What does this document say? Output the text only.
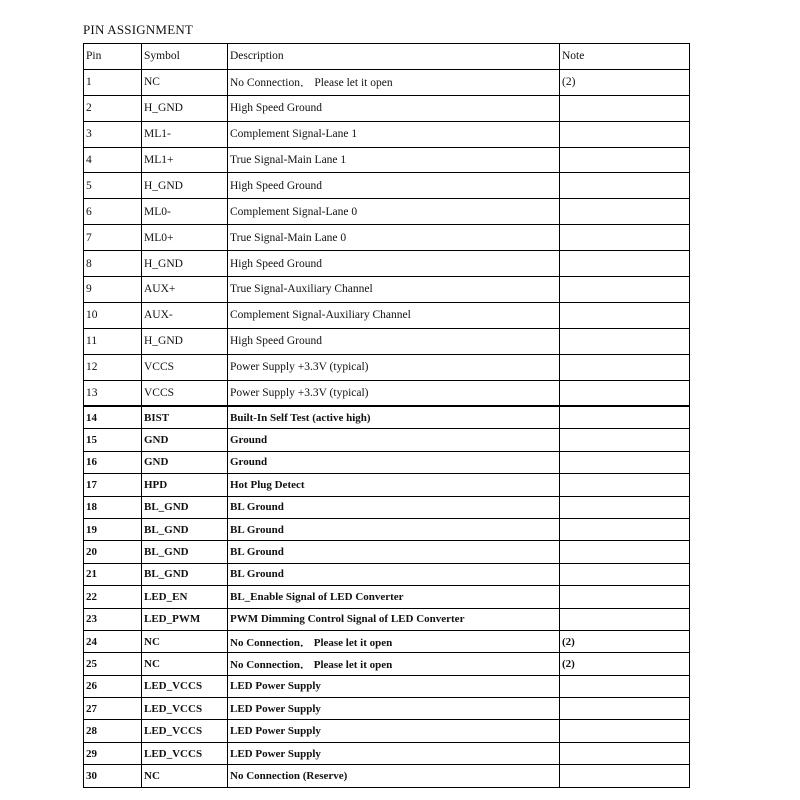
PIN ASSIGNMENT
Pin	Symbol	Description	Note
1	NC	No Connection． Please let it open	(2)
2	H_GND	High Speed Ground	
3	ML1-	Complement Signal-Lane 1	
4	ML1+	True Signal-Main Lane 1	
5	H_GND	High Speed Ground	
6	ML0-	Complement Signal-Lane 0	
7	ML0+	True Signal-Main Lane 0	
8	H_GND	High Speed Ground	
9	AUX+	True Signal-Auxiliary Channel	
10	AUX-	Complement Signal-Auxiliary Channel	
11	H_GND	High Speed Ground	
12	VCCS	Power Supply +3.3V (typical)	
13	VCCS	Power Supply +3.3V (typical)	
14	BIST	Built-In Self Test (active high)	
15	GND	Ground	
16	GND	Ground	
17	HPD	Hot Plug Detect	
18	BL_GND	BL Ground	
19	BL_GND	BL Ground	
20	BL_GND	BL Ground	
21	BL_GND	BL Ground	
22	LED_EN	BL_Enable Signal of LED Converter	
23	LED_PWM	PWM Dimming Control Signal of LED Converter	
24	NC	No Connection． Please let it open	(2)
25	NC	No Connection． Please let it open	(2)
26	LED_VCCS	LED Power Supply	
27	LED_VCCS	LED Power Supply	
28	LED_VCCS	LED Power Supply	
29	LED_VCCS	LED Power Supply	
30	NC	No Connection (Reserve)	
